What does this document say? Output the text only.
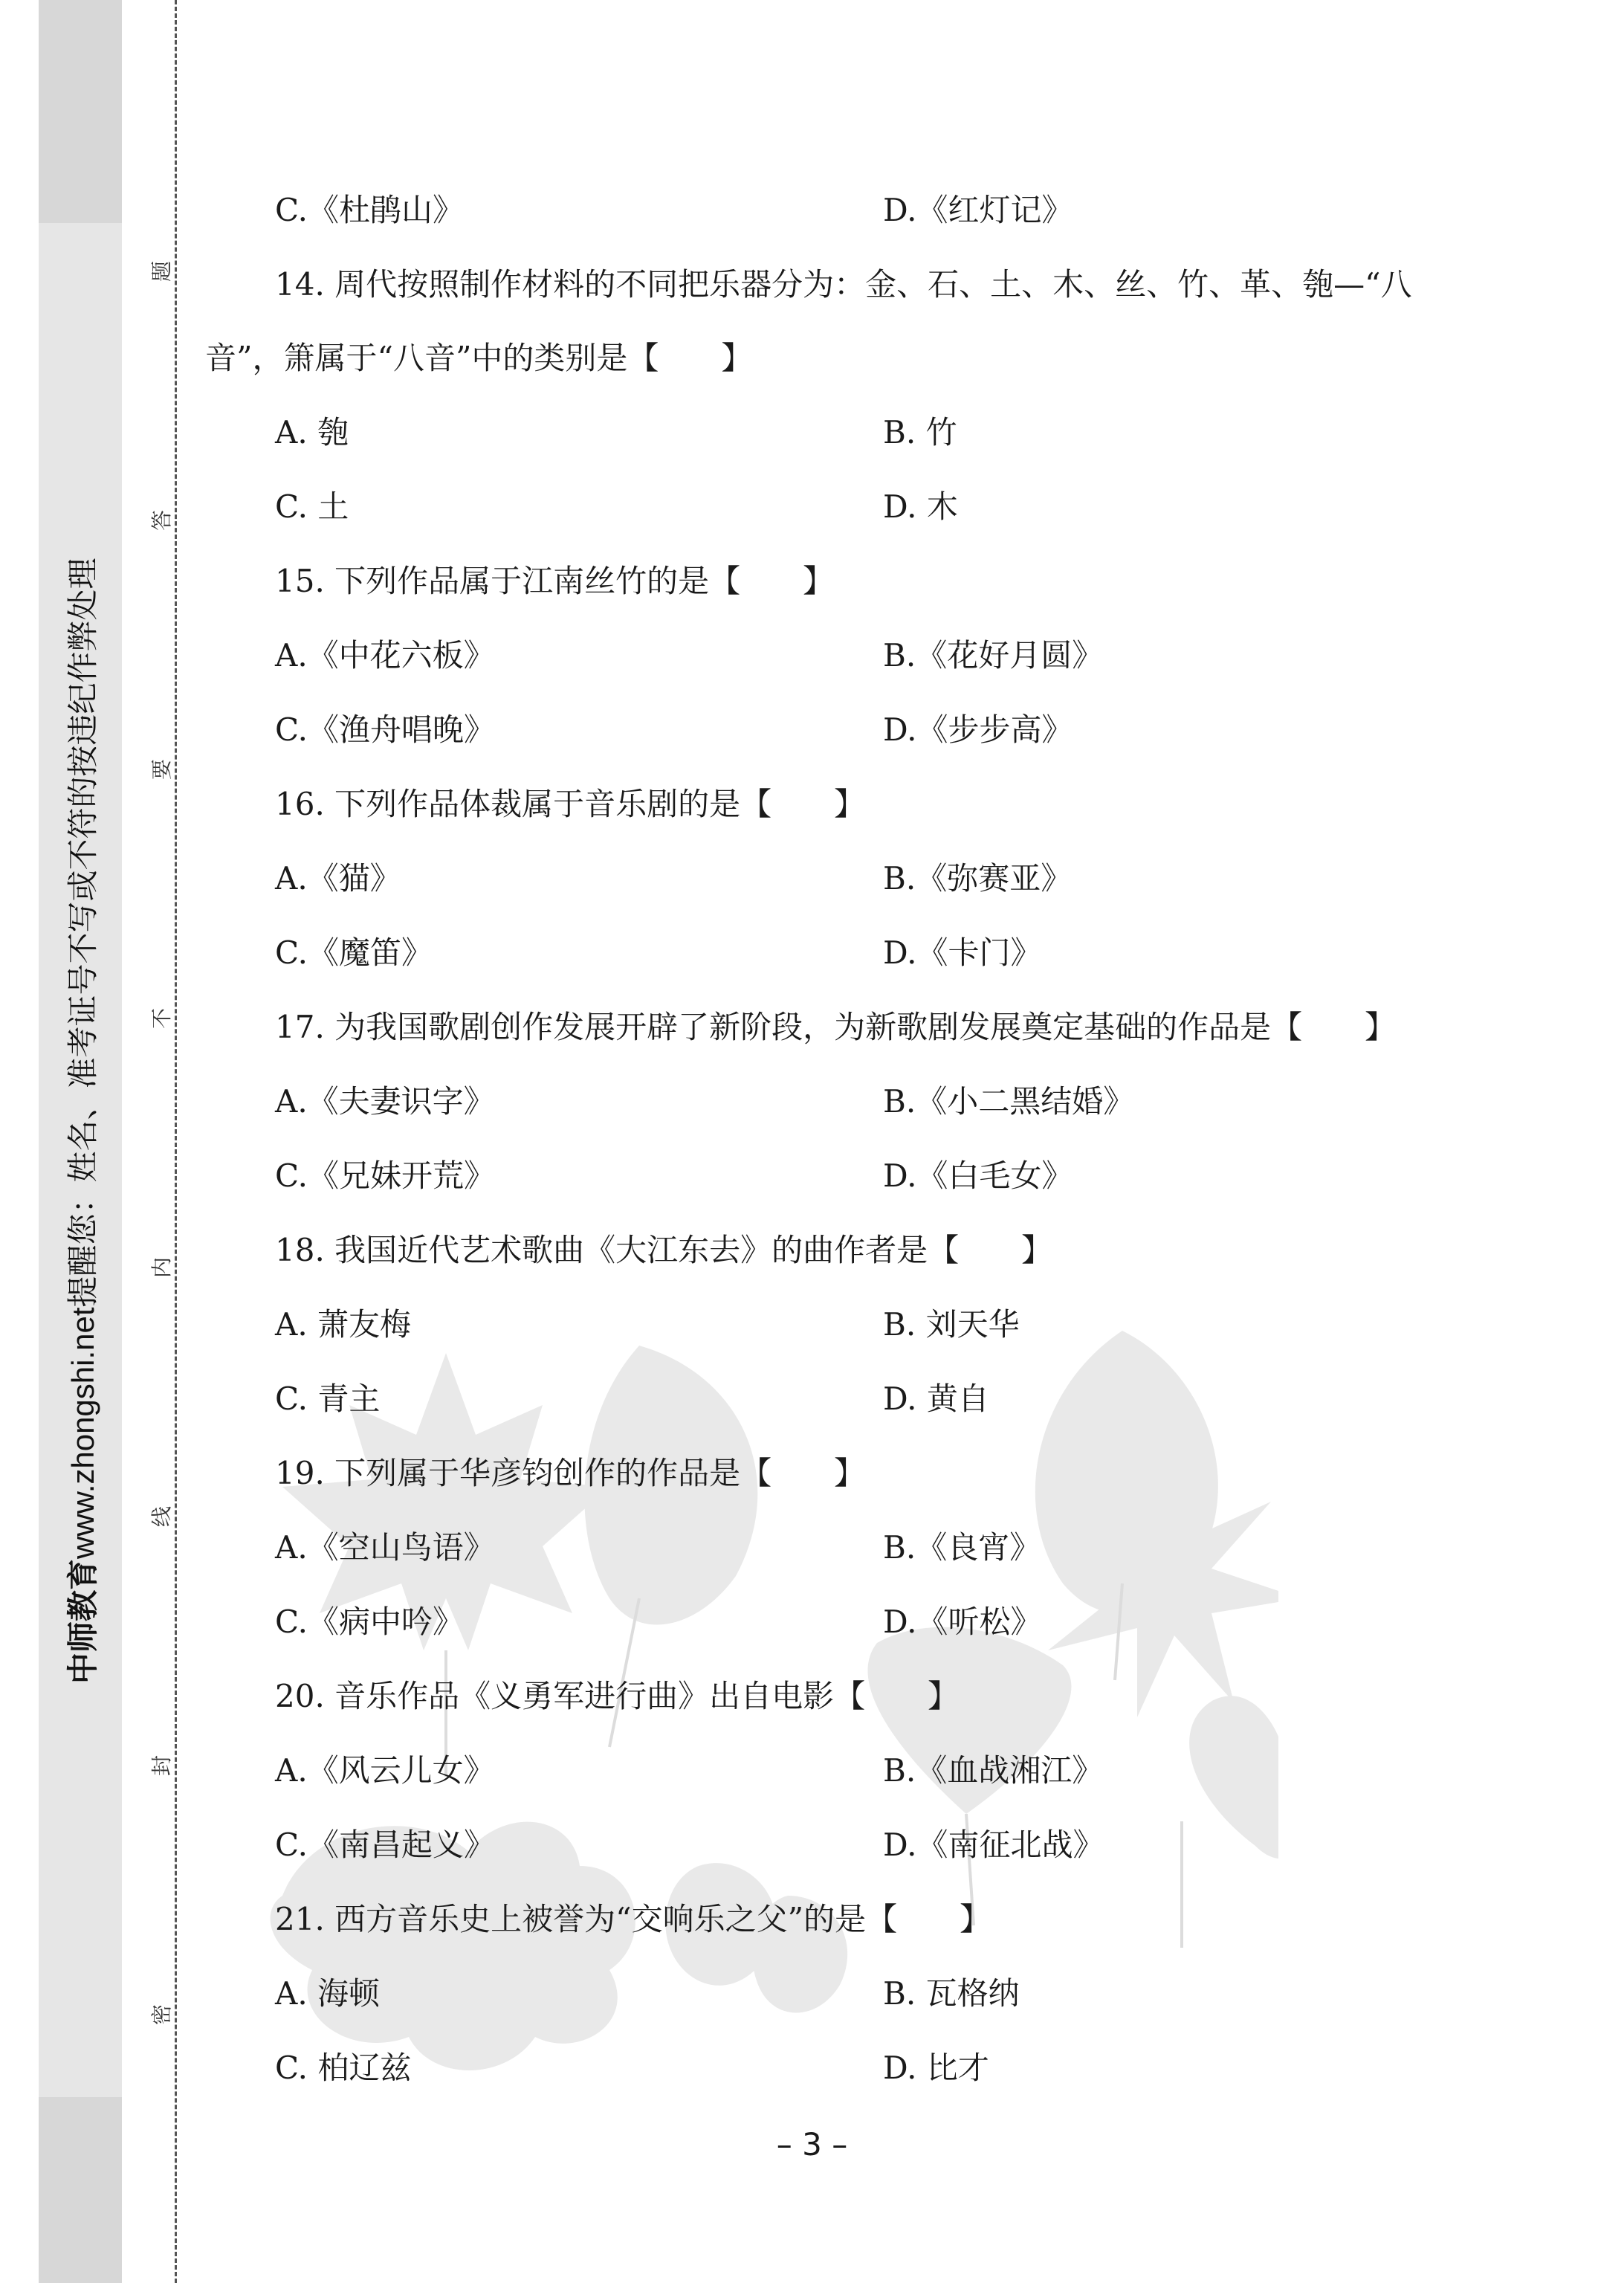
中师教育www.zhongshi.net提醒您：姓名、准考证号不写或不符的按违纪作弊处理
题
答
要
不
内
线
封
密
C.《杜鹃山》	D.《红灯记》
14. 周代按照制作材料的不同把乐器分为：金、石、土、木、丝、竹、革、匏—“八
音”，箫属于“八音”中的类别是【　　】
A. 匏	B. 竹
C. 土	D. 木
15. 下列作品属于江南丝竹的是【　　】
A.《中花六板》	B.《花好月圆》
C.《渔舟唱晚》	D.《步步高》
16. 下列作品体裁属于音乐剧的是【　　】
A.《猫》	B.《弥赛亚》
C.《魔笛》	D.《卡门》
17. 为我国歌剧创作发展开辟了新阶段，为新歌剧发展奠定基础的作品是【　　】
A.《夫妻识字》	B.《小二黑结婚》
C.《兄妹开荒》	D.《白毛女》
18. 我国近代艺术歌曲《大江东去》的曲作者是【　　】
A. 萧友梅	B. 刘天华
C. 青主	D. 黄自
19. 下列属于华彦钧创作的作品是【　　】
A.《空山鸟语》	B.《良宵》
C.《病中吟》	D.《听松》
20. 音乐作品《义勇军进行曲》出自电影【　　】
A.《风云儿女》	B.《血战湘江》
C.《南昌起义》	D.《南征北战》
21. 西方音乐史上被誉为“交响乐之父”的是【　　】
A. 海顿	B. 瓦格纳
C. 柏辽兹	D. 比才
– 3 –
